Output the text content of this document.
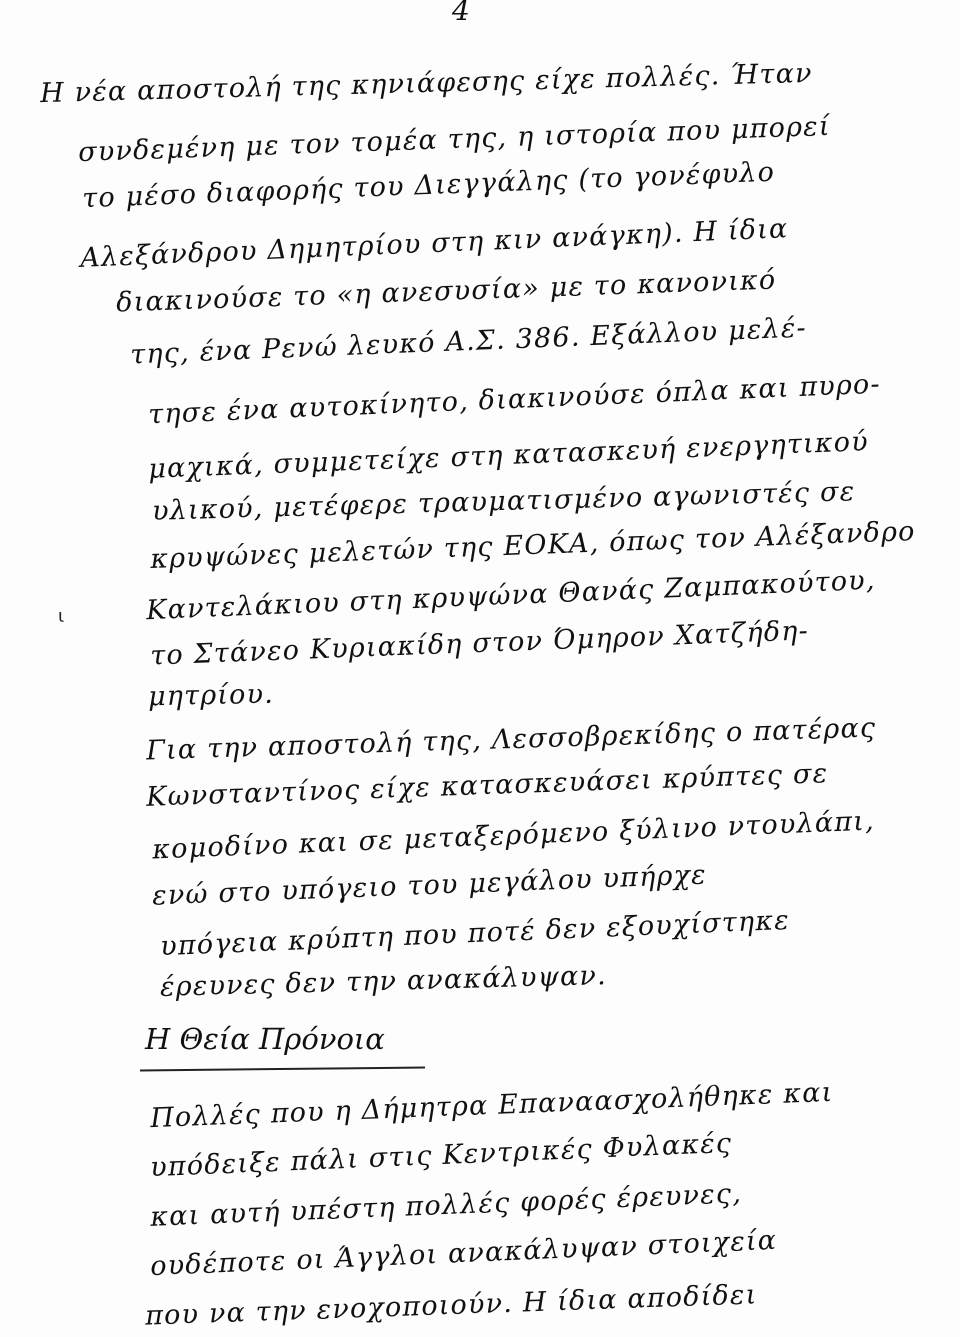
4
ι
Η νέα αποστολή της κηνιάφεσης είχε πολλές. Ήταν
συνδεμένη με τον τομέα της, η ιστορία που μπορεί
το μέσο διαφορής του Διεγγάλης (το γονέφυλο
Αλεξάνδρου Δημητρίου στη κιν ανάγκη). Η ίδια
διακινούσε το «η ανεσυσία» με το κανονικό
της, ένα Ρενώ λευκό Α.Σ. 386. Εξάλλου μελέ-
τησε ένα αυτοκίνητο, διακινούσε όπλα και πυρο-
μαχικά, συμμετείχε στη κατασκευή ενεργητικού
υλικού, μετέφερε τραυματισμένο αγωνιστές σε
κρυψώνες μελετών της ΕΟΚΑ, όπως τον Αλέξανδρο
Καντελάκιου στη κρυψώνα Θανάς Ζαμπακούτου,
το Στάνεο Κυριακίδη στον Όμηρον Χατζήδη-
μητρίου.
Για την αποστολή της, Λεσσοβρεκίδης ο πατέρας
Κωνσταντίνος είχε κατασκευάσει κρύπτες σε
κομοδίνο και σε μεταξερόμενο ξύλινο ντουλάπι,
ενώ στο υπόγειο του μεγάλου υπήρχε
υπόγεια κρύπτη που ποτέ δεν εξουχίστηκε
έρευνες δεν την ανακάλυψαν.
Η Θεία Πρόνοια
Πολλές που η Δήμητρα Επαναασχολήθηκε και
υπόδειξε πάλι στις Κεντρικές Φυλακές
και αυτή υπέστη πολλές φορές έρευνες,
ουδέποτε οι Άγγλοι ανακάλυψαν στοιχεία
που να την ενοχοποιούν. Η ίδια αποδίδει
